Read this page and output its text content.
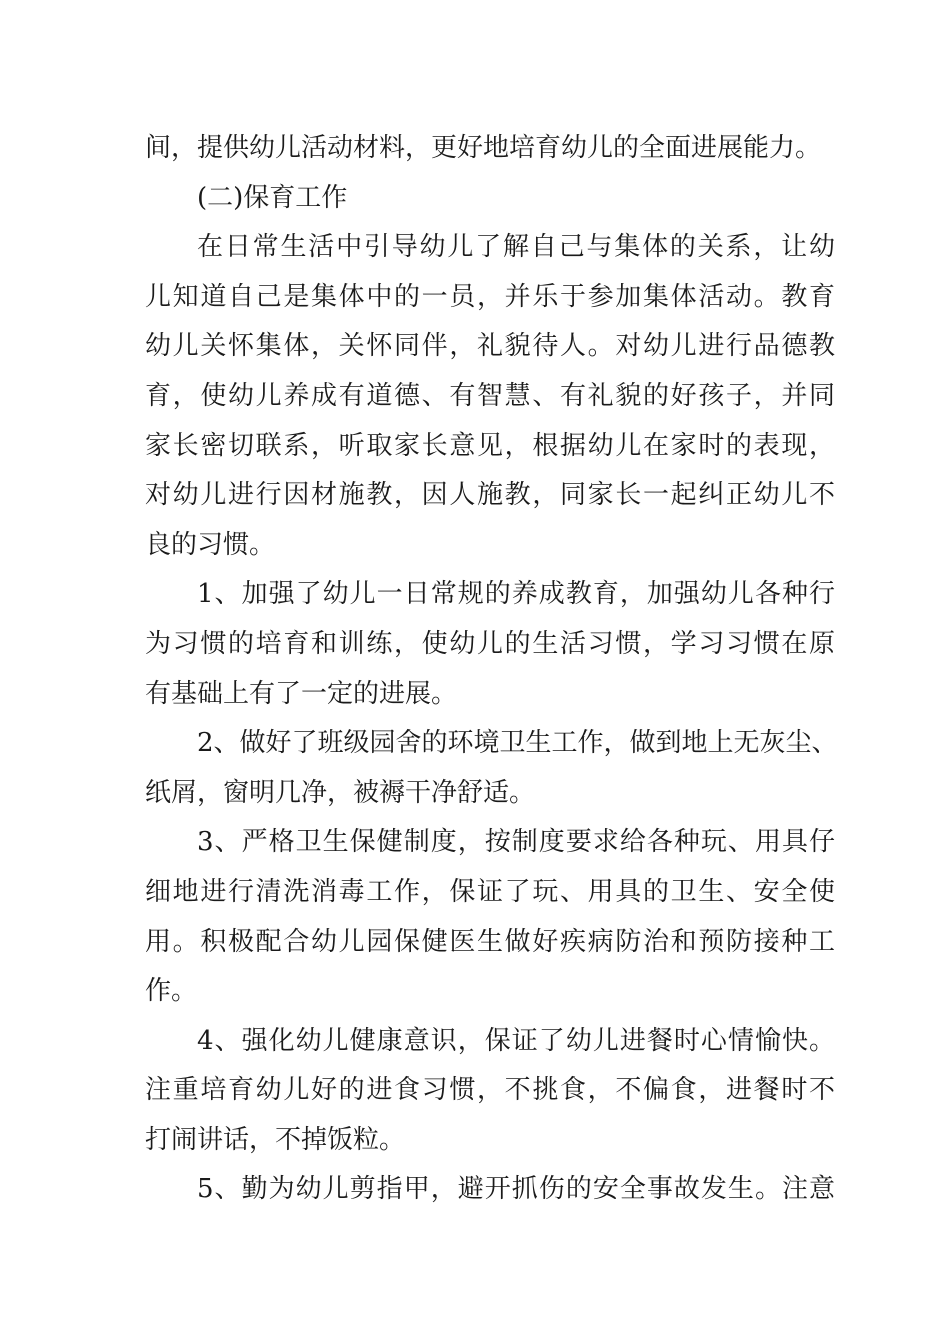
间，提供幼儿活动材料，更好地培育幼儿的全面进展能力。
(二)保育工作
在日常生活中引导幼儿了解自己与集体的关系，让幼
儿知道自己是集体中的一员，并乐于参加集体活动。教育
幼儿关怀集体，关怀同伴，礼貌待人。对幼儿进行品德教
育，使幼儿养成有道德、有智慧、有礼貌的好孩子，并同
家长密切联系，听取家长意见，根据幼儿在家时的表现，
对幼儿进行因材施教，因人施教，同家长一起纠正幼儿不
良的习惯。
1、加强了幼儿一日常规的养成教育，加强幼儿各种行
为习惯的培育和训练，使幼儿的生活习惯，学习习惯在原
有基础上有了一定的进展。
2、做好了班级园舍的环境卫生工作，做到地上无灰尘、
纸屑，窗明几净，被褥干净舒适。
3、严格卫生保健制度，按制度要求给各种玩、用具仔
细地进行清洗消毒工作，保证了玩、用具的卫生、安全使
用。积极配合幼儿园保健医生做好疾病防治和预防接种工
作。
4、强化幼儿健康意识，保证了幼儿进餐时心情愉快。
注重培育幼儿好的进食习惯，不挑食，不偏食，进餐时不
打闹讲话，不掉饭粒。
5、勤为幼儿剪指甲，避开抓伤的安全事故发生。注意
